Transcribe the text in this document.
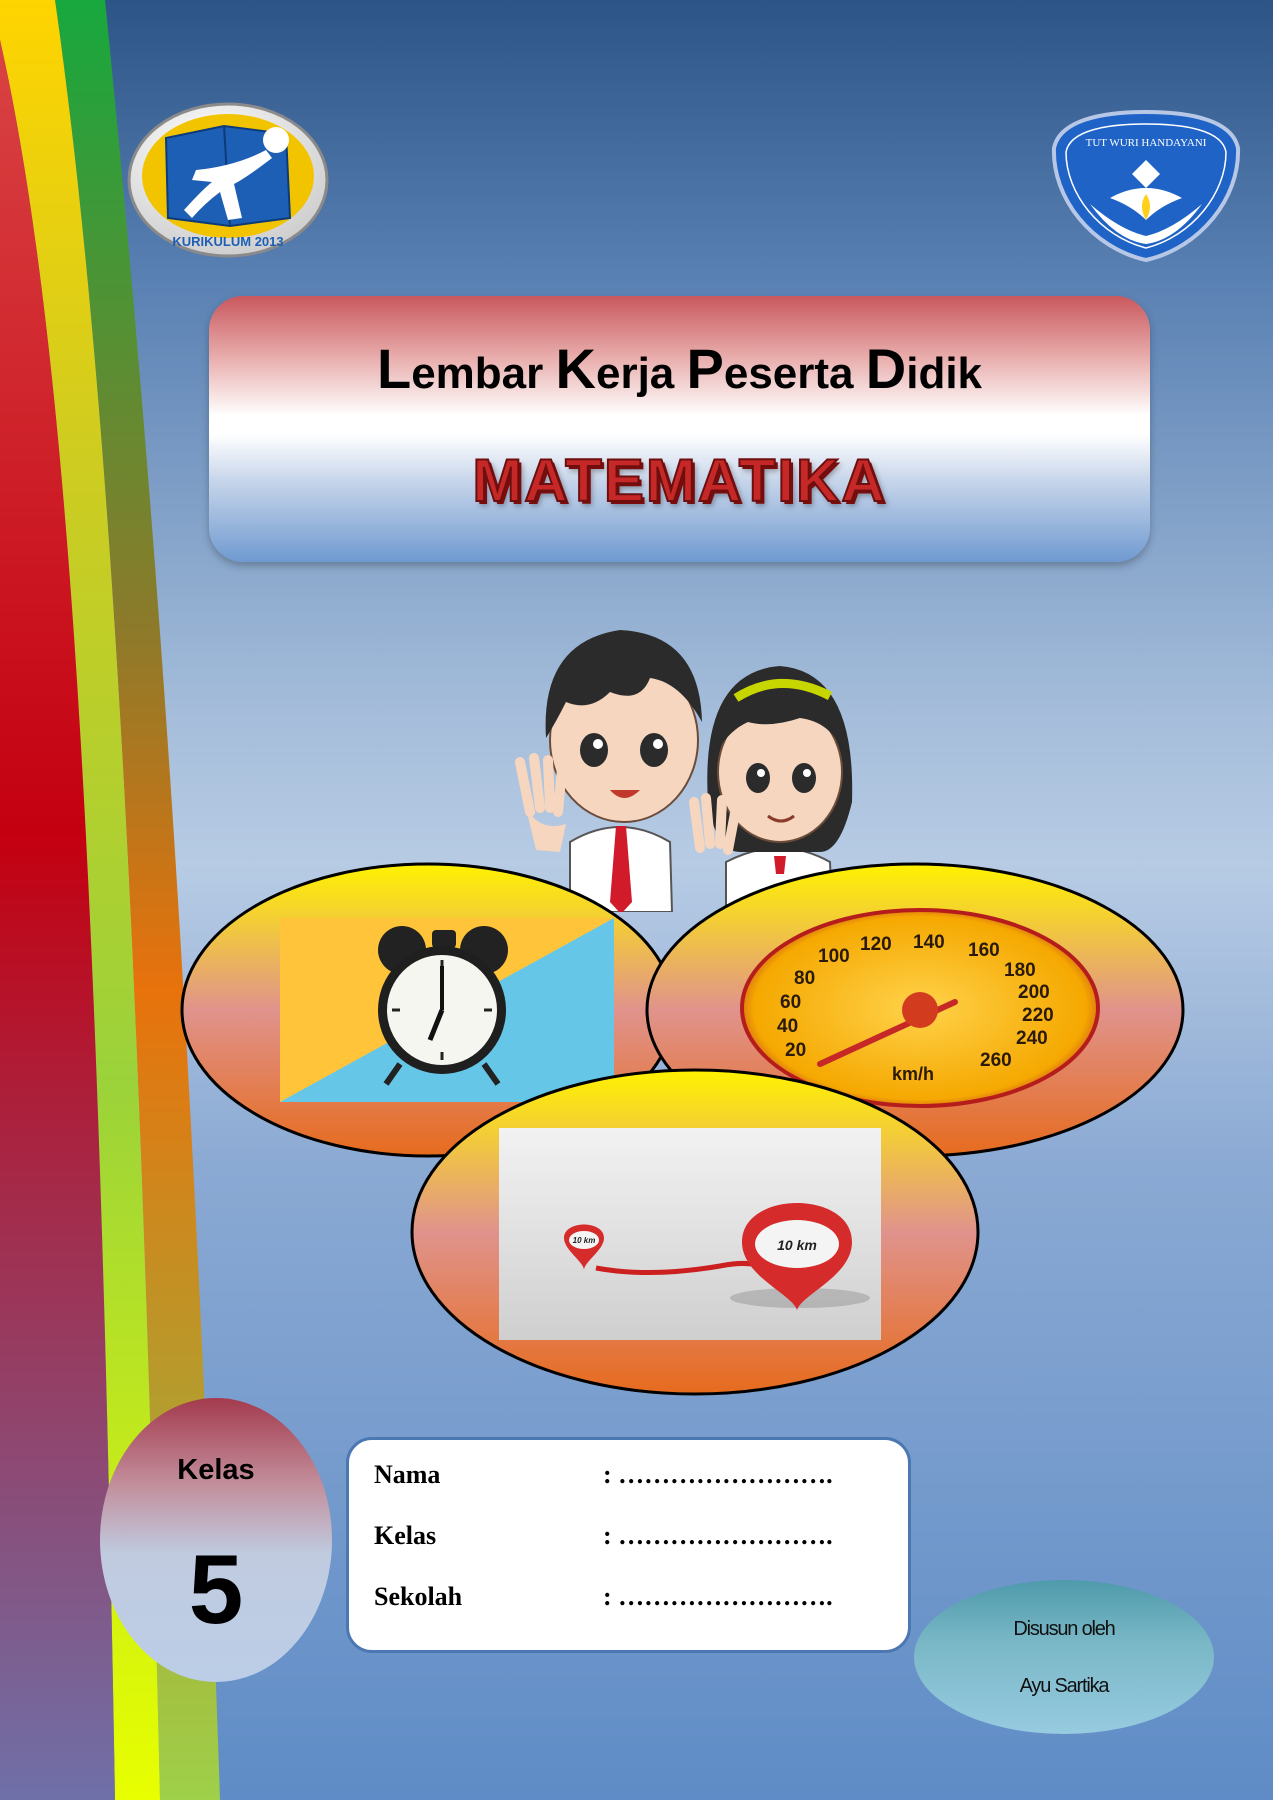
KURIKULUM 2013
TUT WURI HANDAYANI
Lembar Kerja Peserta Didik
MATEMATIKA
20
40
60
80
100
120 140 160
180
200
220
240
260
km/h
10 km	10 km
Kelas
5
Nama	: …………………….
Kelas	: …………………….
Sekolah	: …………………….
Disusun oleh
Ayu Sartika
